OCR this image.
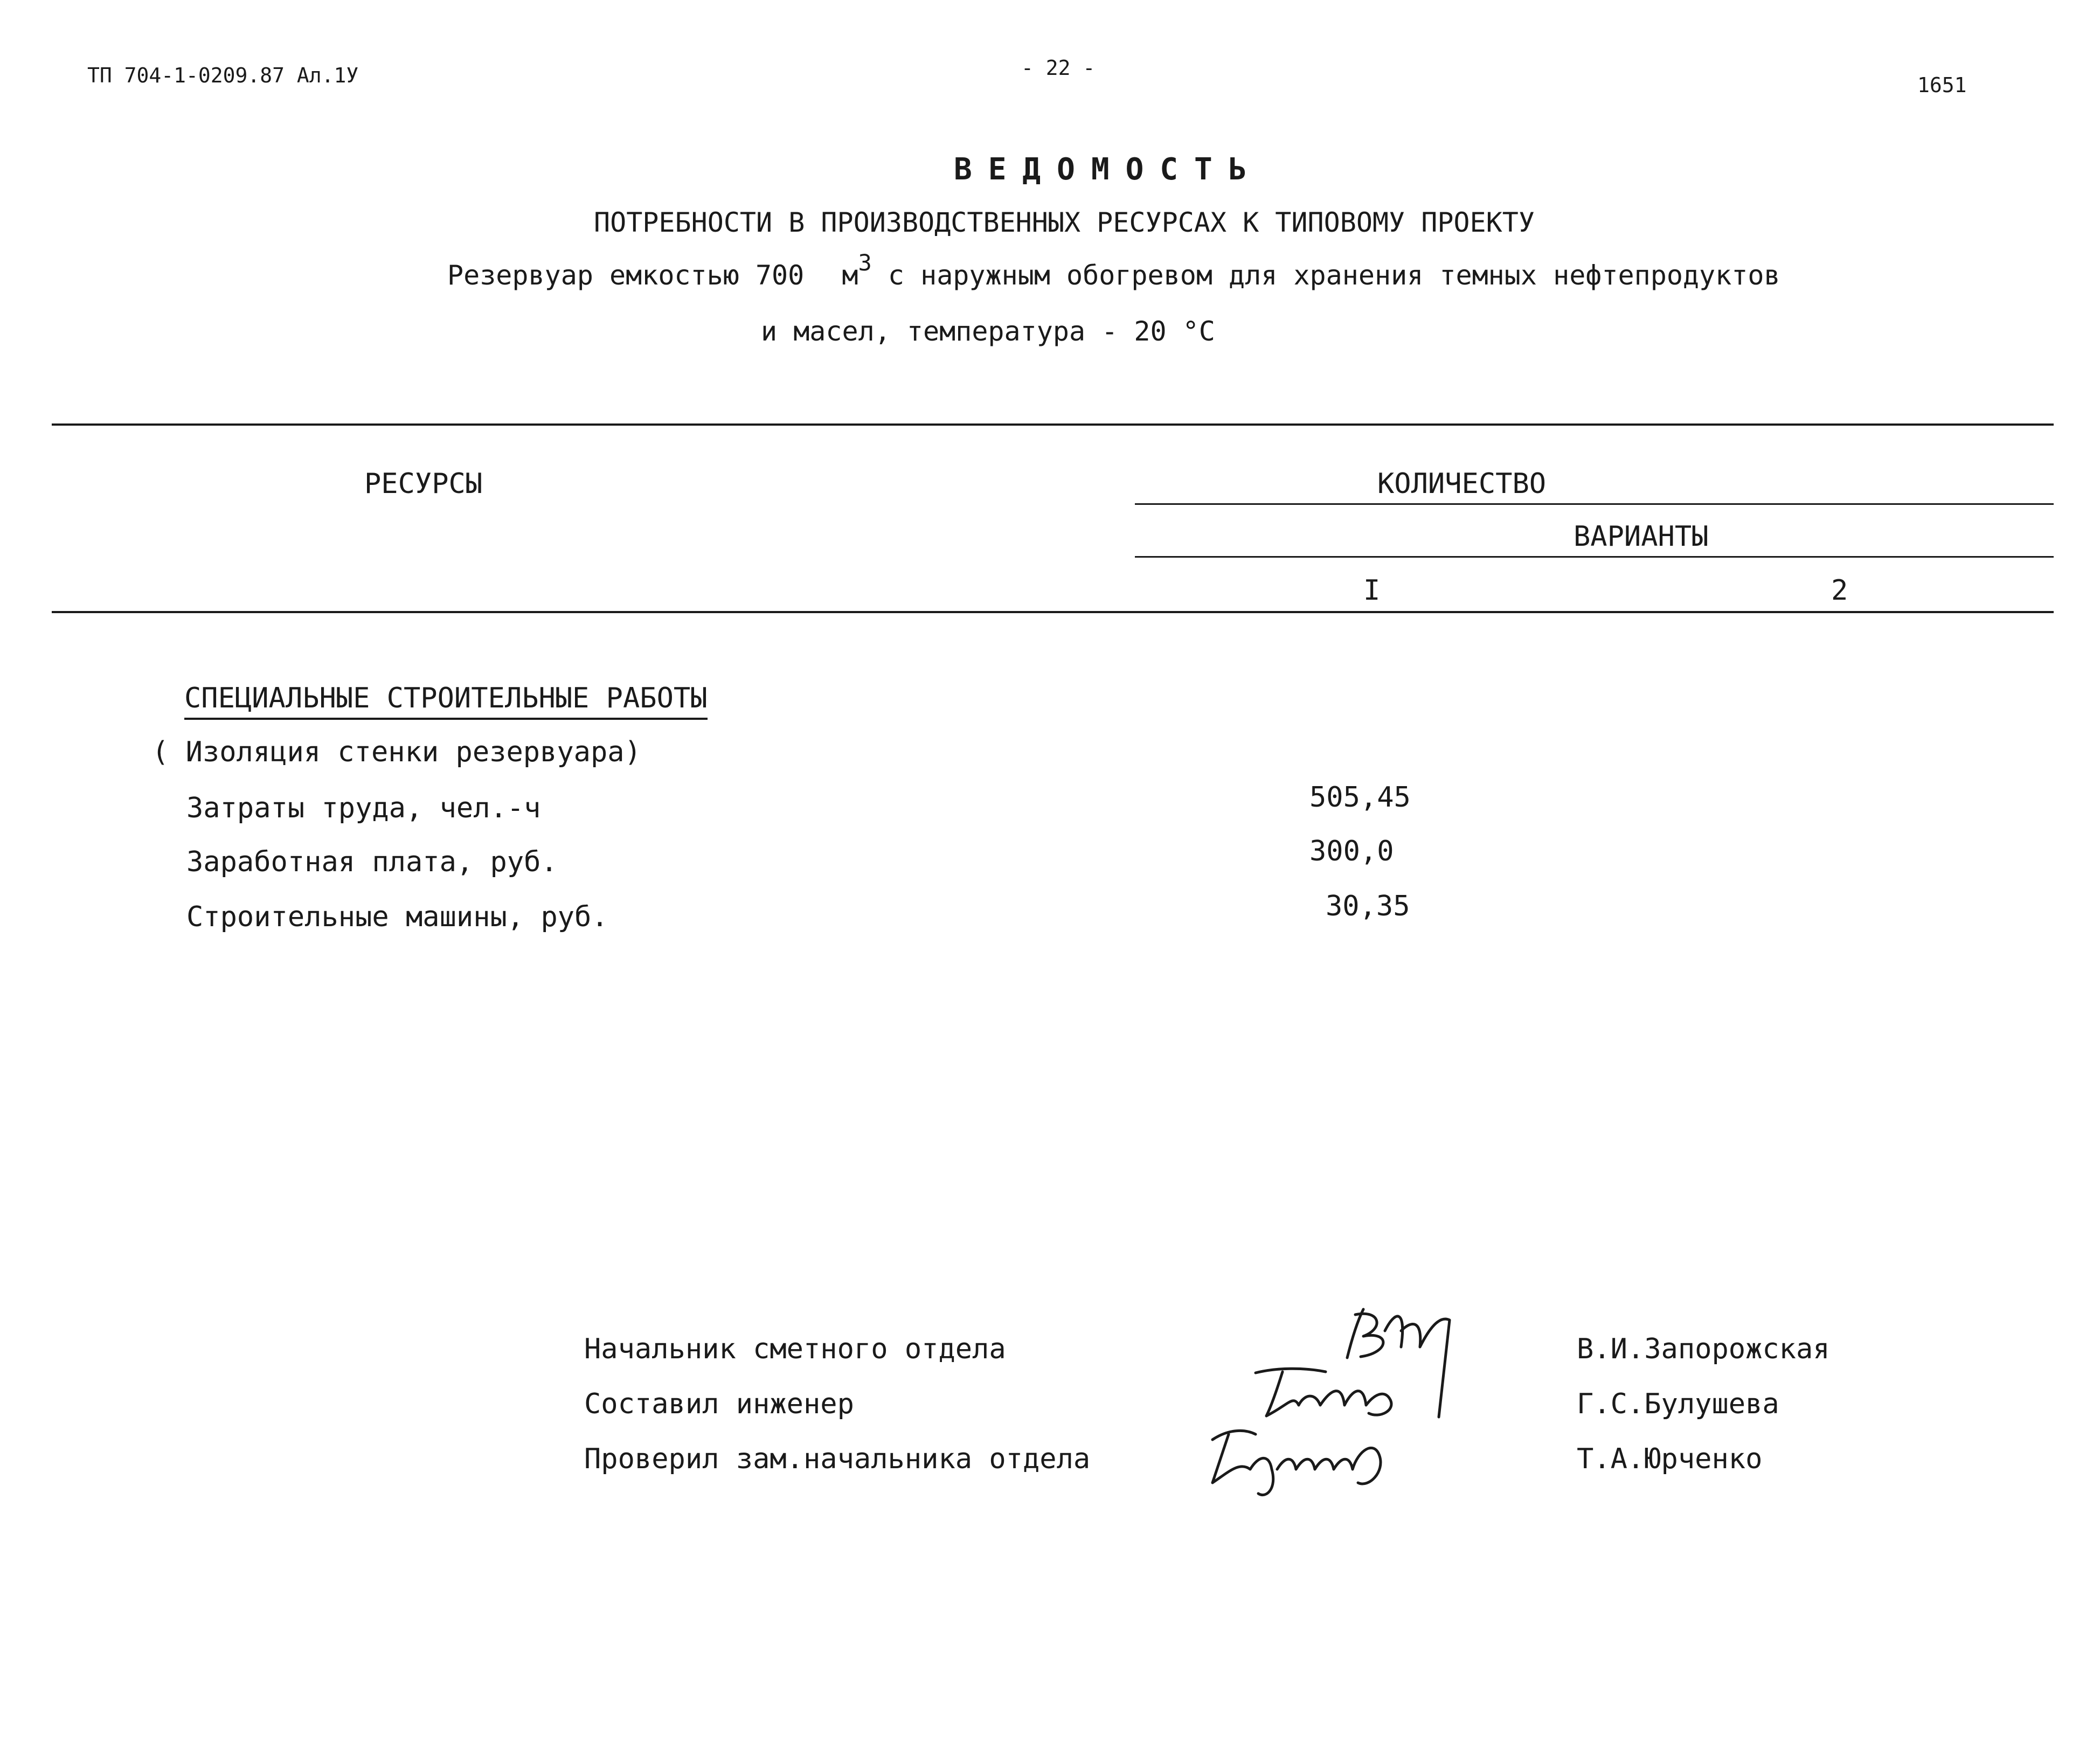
ТП 704-1-0209.87 Ал.1У	- 22 -
1651
ВЕДОМОСТЬ
ПОТРЕБНОСТИ В ПРОИЗВОДСТВЕННЫХ РЕСУРСАХ К ТИПОВОМУ ПРОЕКТУ
Резервуар емкостью 700 $м^3$ с наружным обогревом для хранения темных нефтепродуктов
и масел, температура - 20 °С
РЕСУРСЫ	КОЛИЧЕСТВО
ВАРИАНТЫ
I	2
СПЕЦИАЛЬНЫЕ СТРОИТЕЛЬНЫЕ РАБОТЫ
( Изоляция стенки резервуара)
Затраты труда, чел.-ч	505,45
Заработная плата, руб.	300,0
Строительные машины, руб.	30,35
Начальник сметного отдела
Составил инженер
Проверил зам.начальника отдела
В.И.Запорожская
Г.С.Булушева
Т.А.Юрченко
